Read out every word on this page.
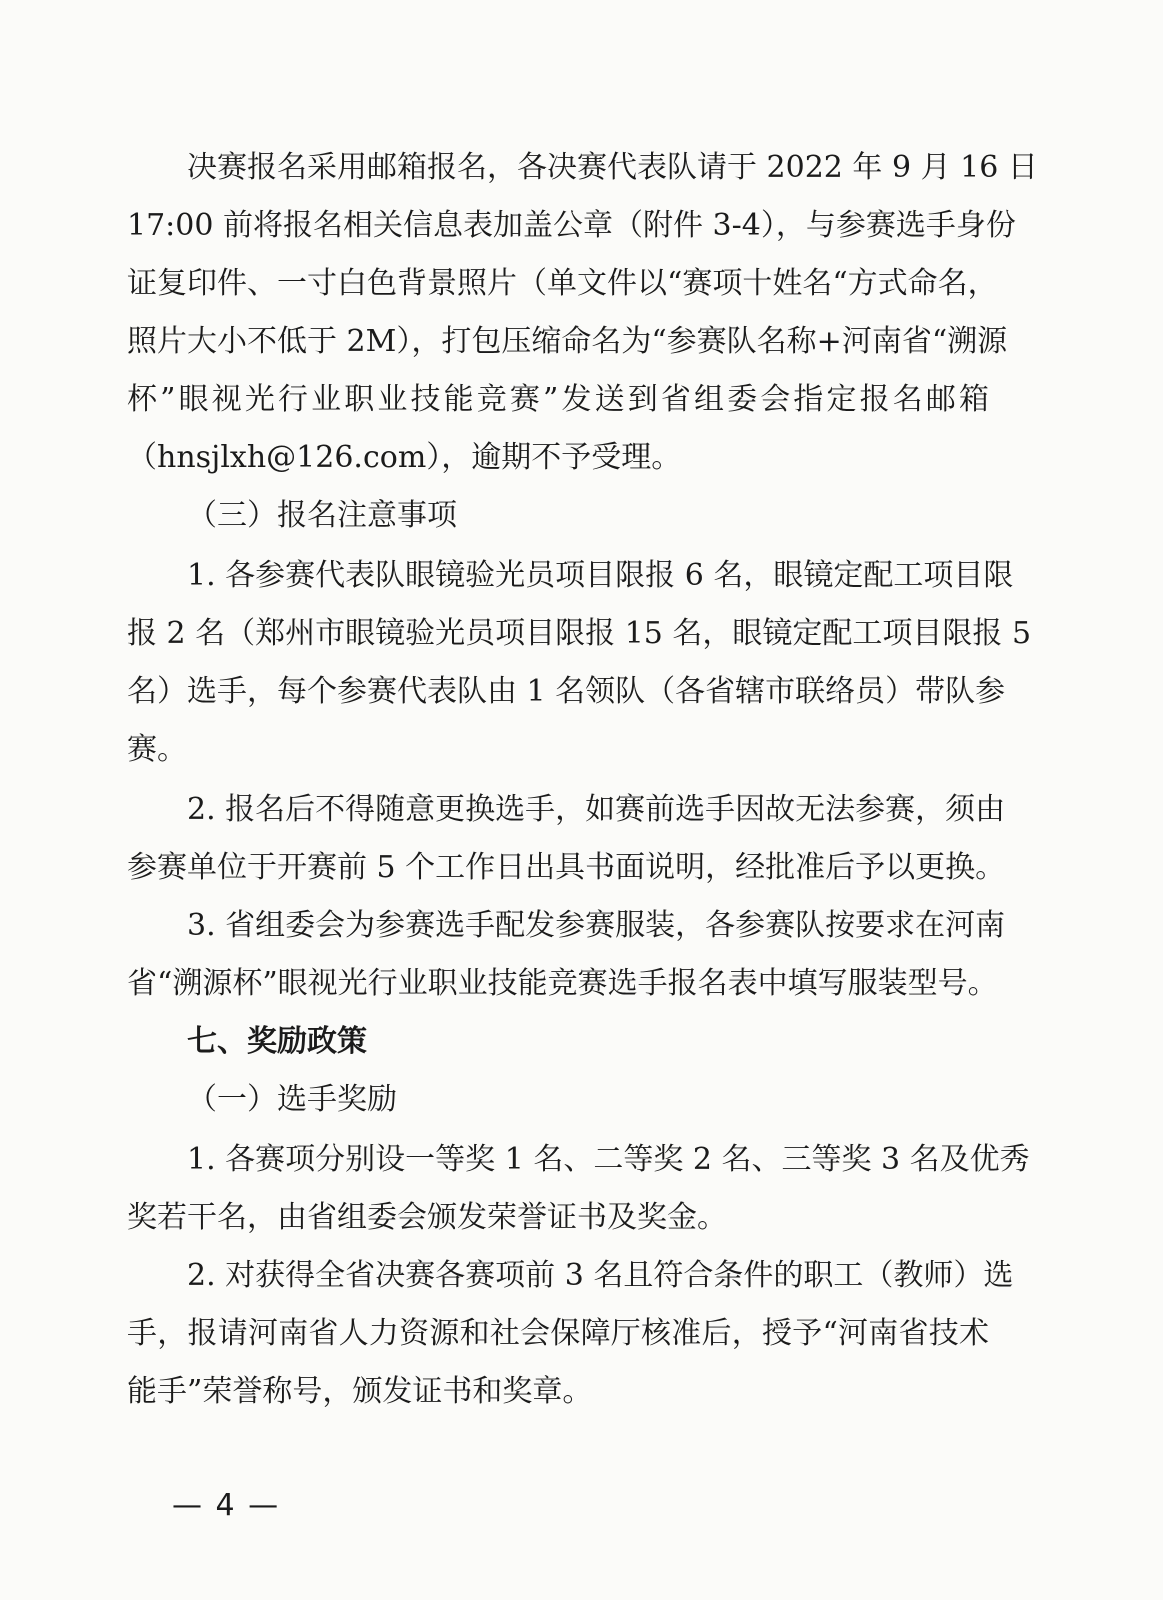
决赛报名采用邮箱报名，各决赛代表队请于 2022 年 9 月 16 日
17:00 前将报名相关信息表加盖公章（附件 3-4），与参赛选手身份
证复印件、一寸白色背景照片（单文件以“赛项十姓名“方式命名，
照片大小不低于 2M），打包压缩命名为“参赛队名称+河南省“溯源
杯”眼视光行业职业技能竞赛”发送到省组委会指定报名邮箱
（hnsjlxh@126.com），逾期不予受理。
（三）报名注意事项
1. 各参赛代表队眼镜验光员项目限报 6 名，眼镜定配工项目限
报 2 名（郑州市眼镜验光员项目限报 15 名，眼镜定配工项目限报 5
名）选手，每个参赛代表队由 1 名领队（各省辖市联络员）带队参
赛。
2. 报名后不得随意更换选手，如赛前选手因故无法参赛，须由
参赛单位于开赛前 5 个工作日出具书面说明，经批准后予以更换。
3. 省组委会为参赛选手配发参赛服装，各参赛队按要求在河南
省“溯源杯”眼视光行业职业技能竞赛选手报名表中填写服装型号。
七、奖励政策
（一）选手奖励
1. 各赛项分别设一等奖 1 名、二等奖 2 名、三等奖 3 名及优秀
奖若干名，由省组委会颁发荣誉证书及奖金。
2. 对获得全省决赛各赛项前 3 名且符合条件的职工（教师）选
手，报请河南省人力资源和社会保障厅核准后，授予“河南省技术
能手”荣誉称号，颁发证书和奖章。
— 4 —
